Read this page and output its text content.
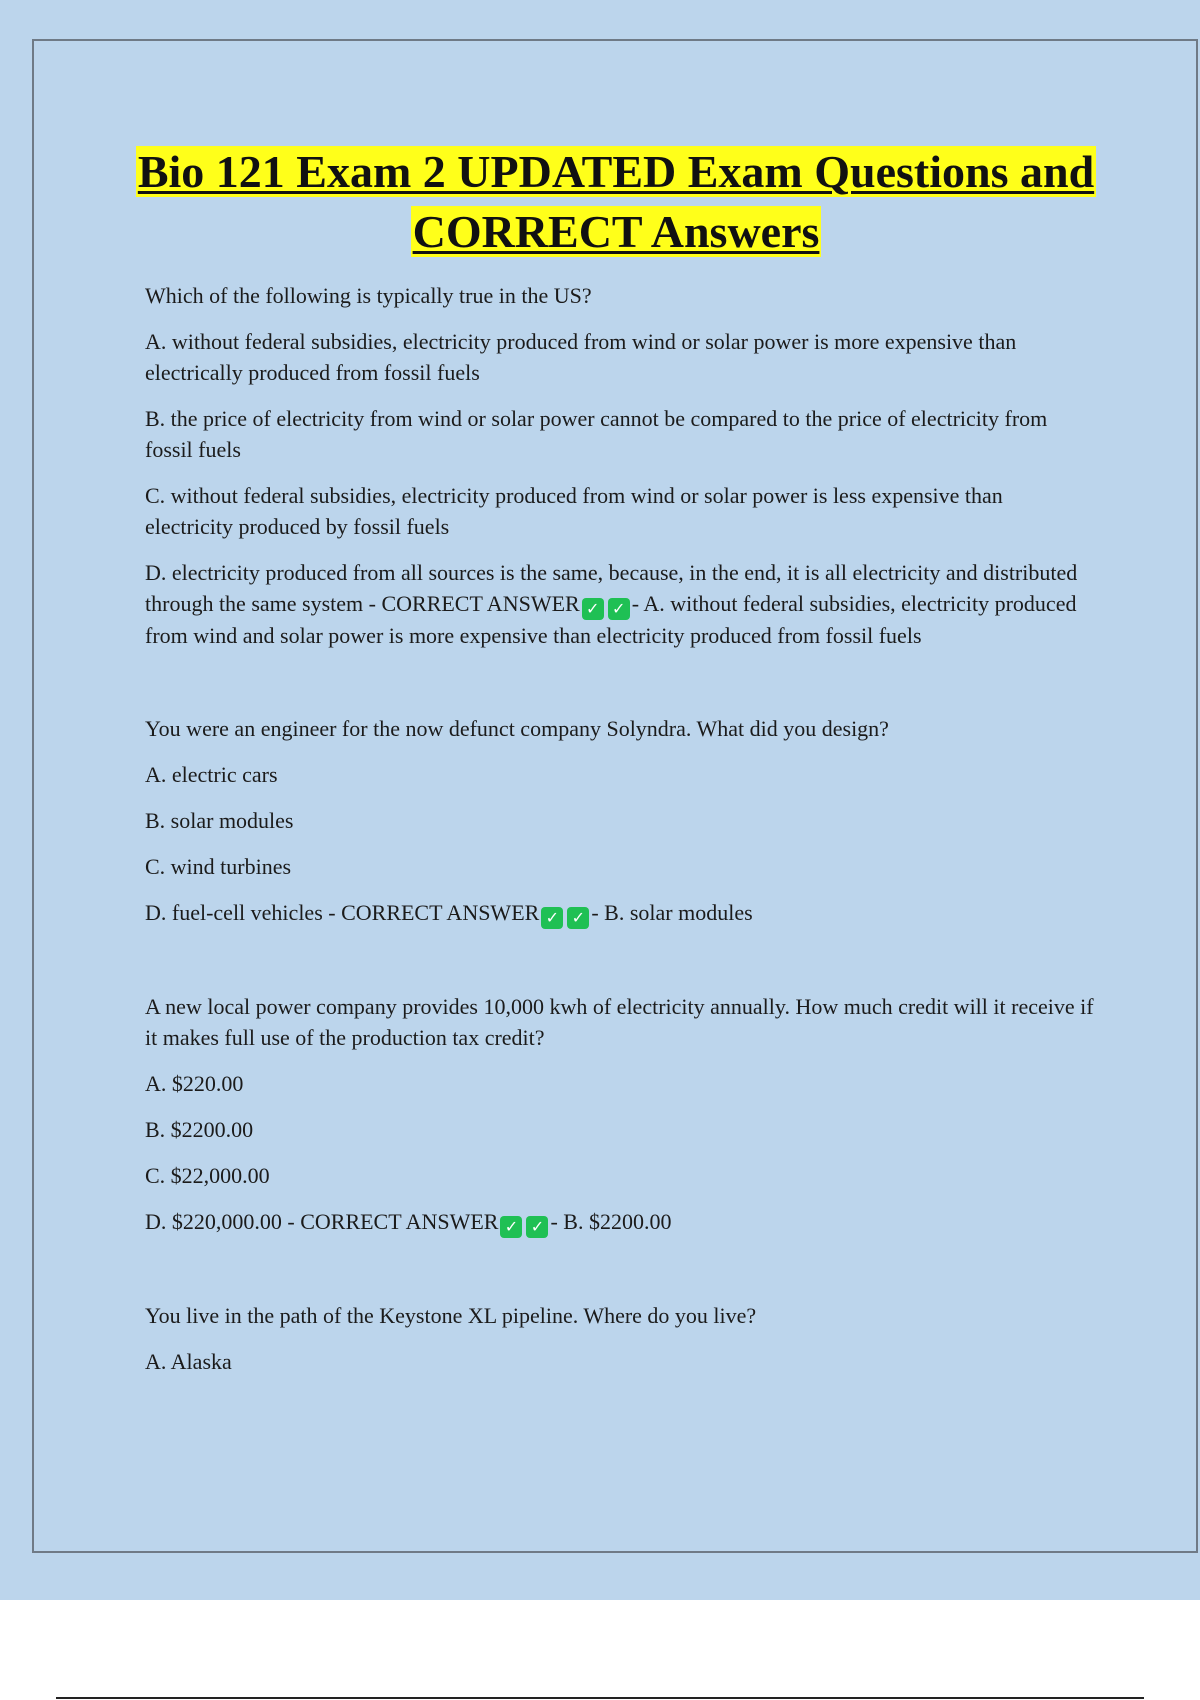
Bio 121 Exam 2 UPDATED Exam Questions and CORRECT Answers

Which of the following is typically true in the US?

A. without federal subsidies, electricity produced from wind or solar power is more expensive than electrically produced from fossil fuels

B. the price of electricity from wind or solar power cannot be compared to the price of electricity from fossil fuels

C. without federal subsidies, electricity produced from wind or solar power is less expensive than electricity produced by fossil fuels

D. electricity produced from all sources is the same, because, in the end, it is all electricity and distributed through the same system - CORRECT ANSWER ✓ ✓ - A. without federal subsidies, electricity produced from wind and solar power is more expensive than electricity produced from fossil fuels

You were an engineer for the now defunct company Solyndra. What did you design?

A. electric cars

B. solar modules

C. wind turbines

D. fuel-cell vehicles - CORRECT ANSWER ✓ ✓ - B. solar modules

A new local power company provides 10,000 kwh of electricity annually. How much credit will it receive if it makes full use of the production tax credit?

A. $220.00

B. $2200.00

C. $22,000.00

D. $220,000.00 - CORRECT ANSWER ✓ ✓ - B. $2200.00

You live in the path of the Keystone XL pipeline. Where do you live?

A. Alaska
